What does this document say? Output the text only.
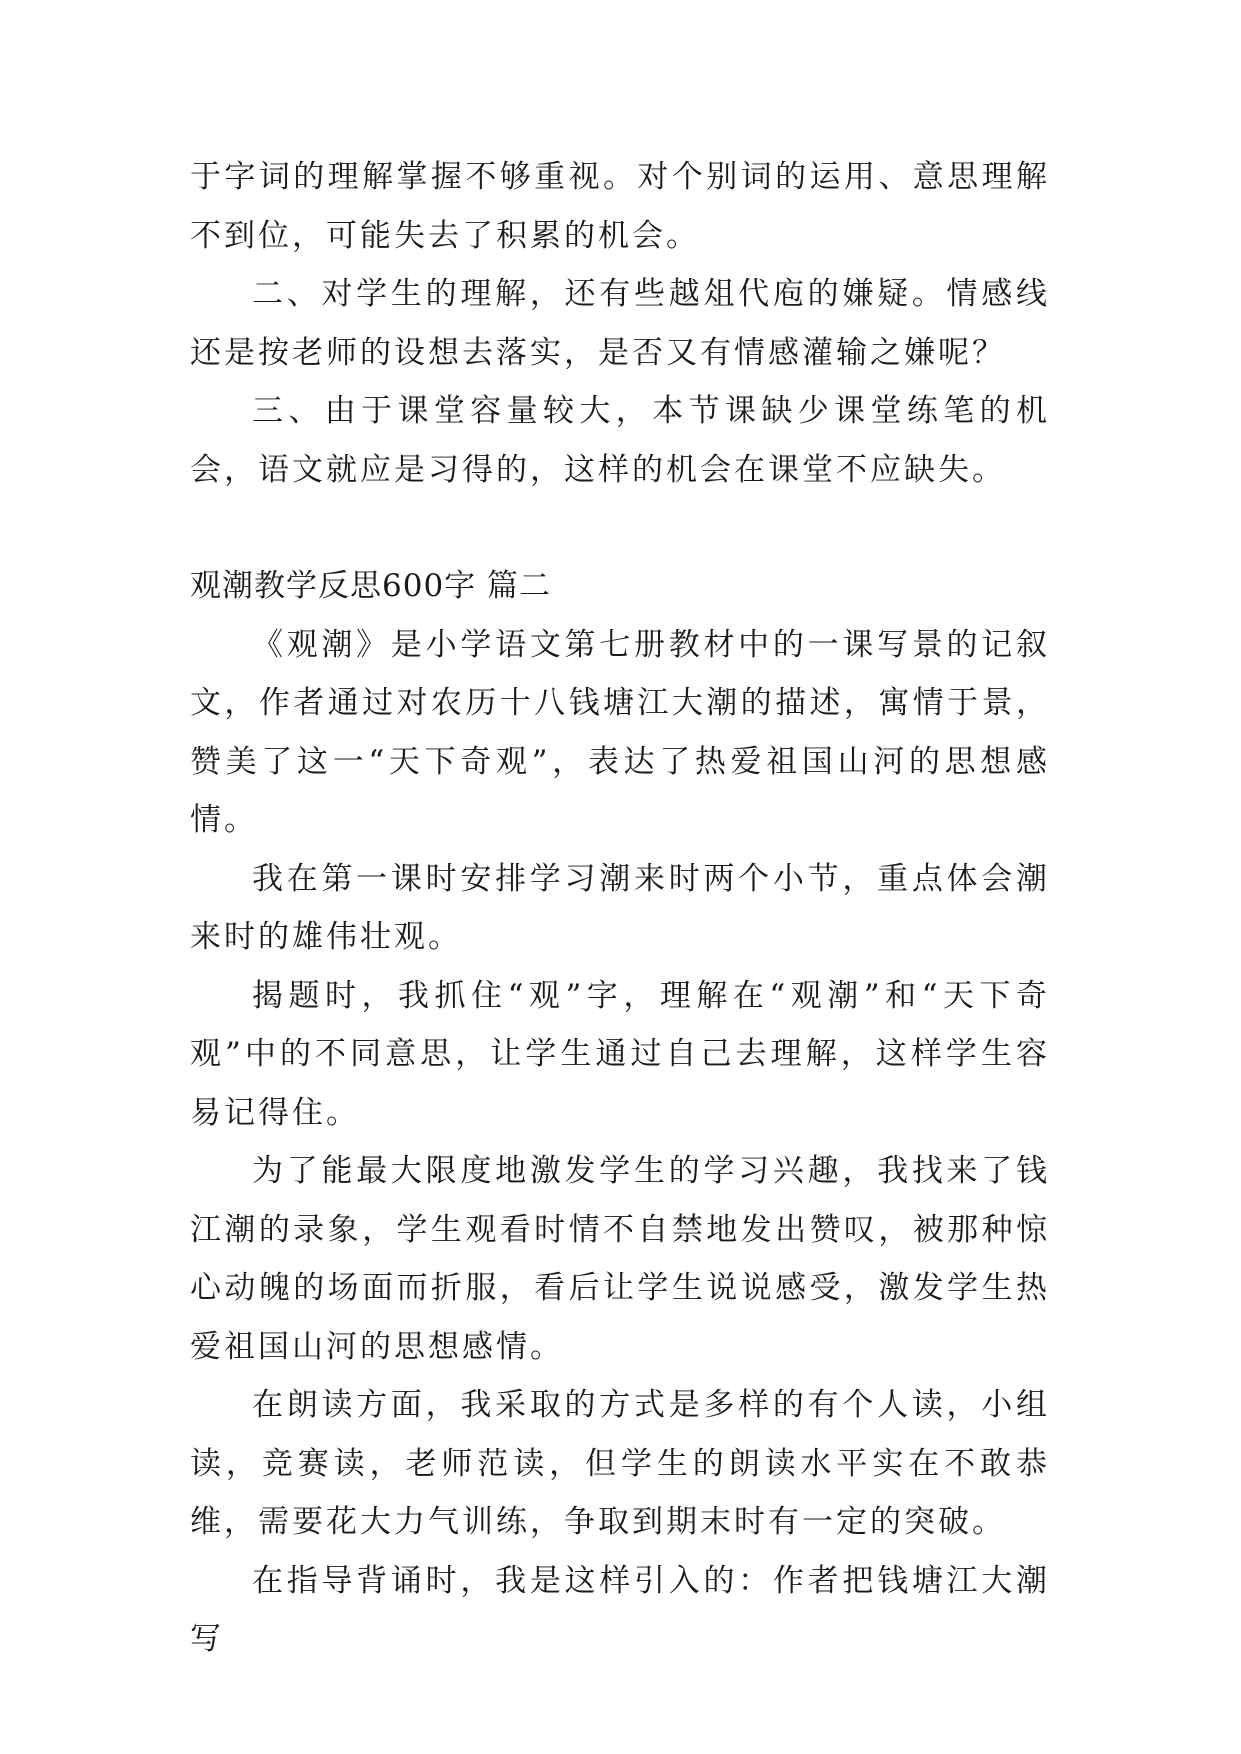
于字词的理解掌握不够重视。对个别词的运用、意思理解不到位，可能失去了积累的机会。

二、对学生的理解，还有些越俎代庖的嫌疑。情感线还是按老师的设想去落实，是否又有情感灌输之嫌呢？

三、由于课堂容量较大，本节课缺少课堂练笔的机会，语文就应是习得的，这样的机会在课堂不应缺失。

观潮教学反思600字 篇二

《观潮》是小学语文第七册教材中的一课写景的记叙文，作者通过对农历十八钱塘江大潮的描述，寓情于景，赞美了这一“天下奇观”，表达了热爱祖国山河的思想感情。

我在第一课时安排学习潮来时两个小节，重点体会潮来时的雄伟壮观。

揭题时，我抓住“观”字，理解在“观潮”和“天下奇观”中的不同意思，让学生通过自己去理解，这样学生容易记得住。

为了能最大限度地激发学生的学习兴趣，我找来了钱江潮的录象，学生观看时情不自禁地发出赞叹，被那种惊心动魄的场面而折服，看后让学生说说感受，激发学生热爱祖国山河的思想感情。

在朗读方面，我采取的方式是多样的有个人读，小组读，竞赛读，老师范读，但学生的朗读水平实在不敢恭维，需要花大力气训练，争取到期末时有一定的突破。

在指导背诵时，我是这样引入的：作者把钱塘江大潮写
